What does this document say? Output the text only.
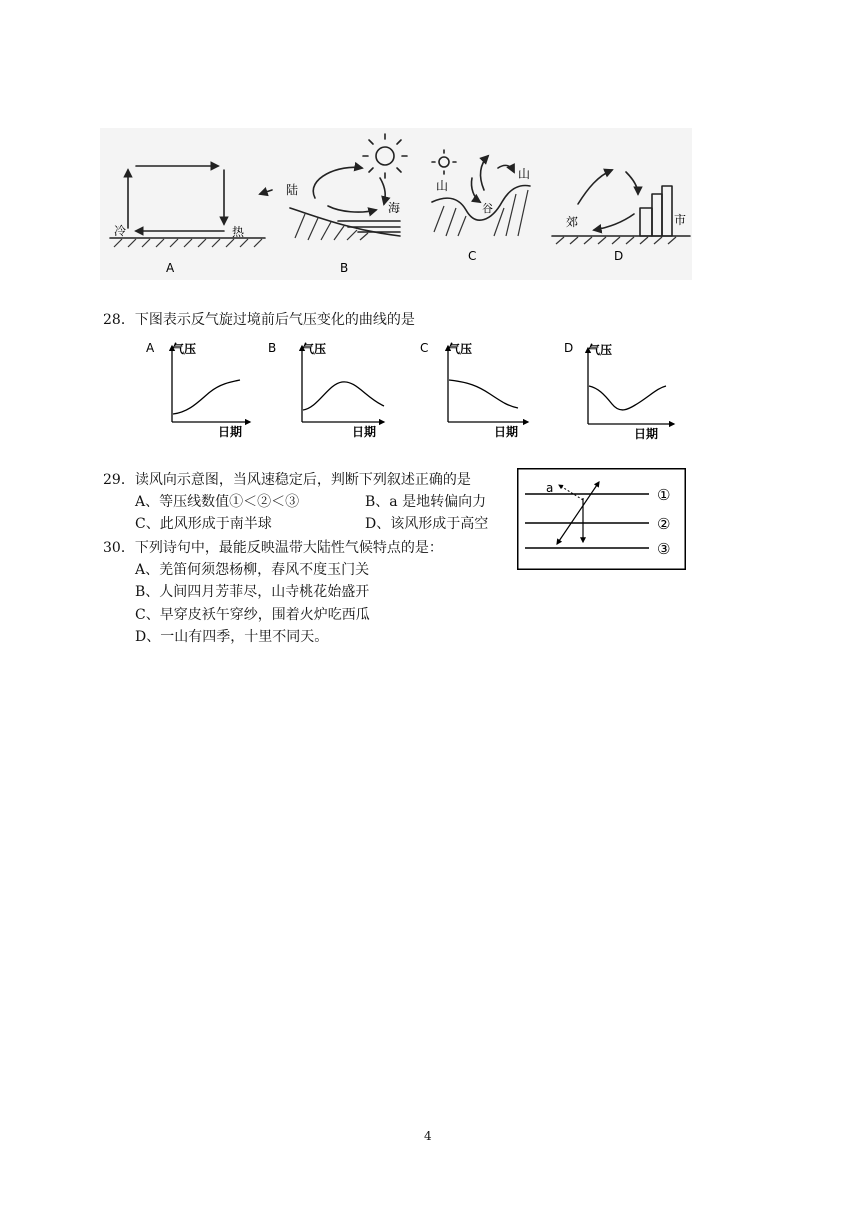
冷	热
A
陆
海
B
山
谷
山
C
郊	市
D
28．下图表示反气旋过境前后气压变化的曲线的是
A 气压
日期
B 气压
日期
C 气压
日期
D 气压
日期
29．读风向示意图，当风速稳定后，判断下列叙述正确的是
A、等压线数值①＜②＜③	B、a 是地转偏向力
C、此风形成于南半球	D、该风形成于高空
①
②
③
a
30．下列诗句中，最能反映温带大陆性气候特点的是：
A、羌笛何须怨杨柳，春风不度玉门关
B、人间四月芳菲尽，山寺桃花始盛开
C、早穿皮袄午穿纱，围着火炉吃西瓜
D、一山有四季，十里不同天。
4
